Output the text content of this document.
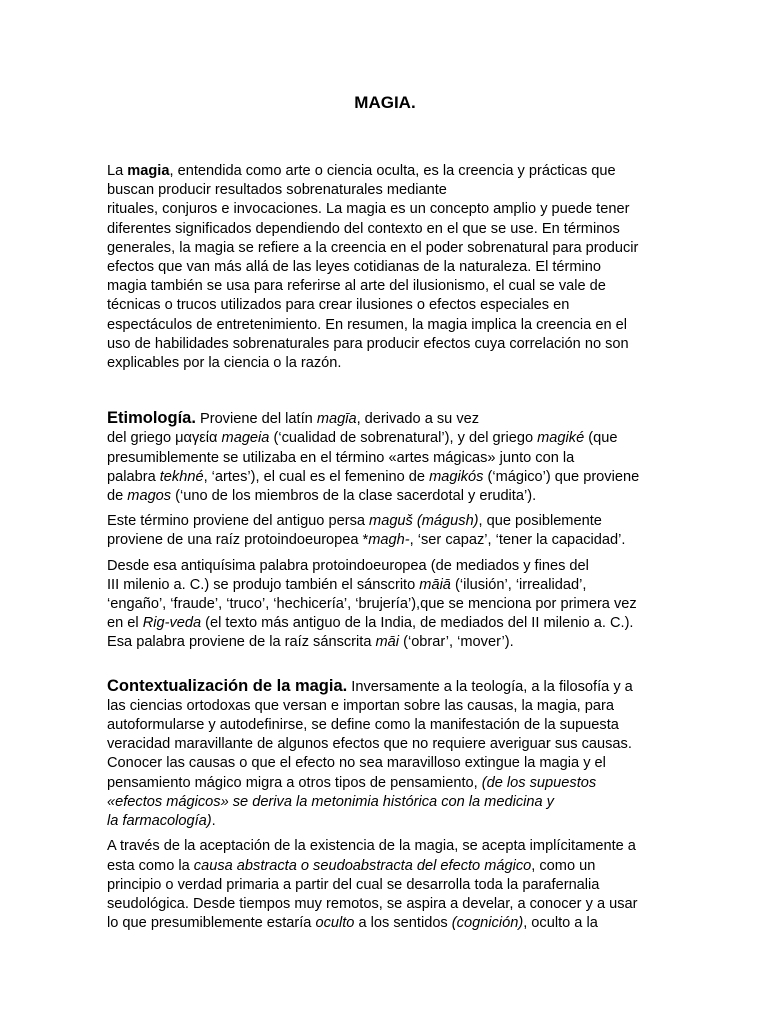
MAGIA.

La magia, entendida como arte o ciencia oculta, es la creencia y prácticas que
buscan producir resultados sobrenaturales mediante
rituales, conjuros e invocaciones. La magia es un concepto amplio y puede tener
diferentes significados dependiendo del contexto en el que se use. En términos
generales, la magia se refiere a la creencia en el poder sobrenatural para producir
efectos que van más allá de las leyes cotidianas de la naturaleza. El término
magia también se usa para referirse al arte del ilusionismo, el cual se vale de
técnicas o trucos utilizados para crear ilusiones o efectos especiales en
espectáculos de entretenimiento. En resumen, la magia implica la creencia en el
uso de habilidades sobrenaturales para producir efectos cuya correlación no son
explicables por la ciencia o la razón.

Etimología. Proviene del latín magīa, derivado a su vez
del griego μαγεία mageia (‘cualidad de sobrenatural’), y del griego magiké (que
presumiblemente se utilizaba en el término «artes mágicas» junto con la
palabra tekhné, ‘artes’), el cual es el femenino de magikós (‘mágico’) que proviene
de magos (‘uno de los miembros de la clase sacerdotal y erudita’).

Este término proviene del antiguo persa maguš (mágush), que posiblemente
proviene de una raíz protoindoeuropea *magh-, ‘ser capaz’, ‘tener la capacidad’.

Desde esa antiquísima palabra protoindoeuropea (de mediados y fines del
III milenio a. C.) se produjo también el sánscrito māiā (‘ilusión’, ‘irrealidad’,
‘engaño’, ‘fraude’, ‘truco’, ‘hechicería’, ‘brujería’),que se menciona por primera vez
en el Rig-veda (el texto más antiguo de la India, de mediados del II milenio a. C.).
Esa palabra proviene de la raíz sánscrita māi (‘obrar’, ‘mover’).

Contextualización de la magia. Inversamente a la teología, a la filosofía y a
las ciencias ortodoxas que versan e importan sobre las causas, la magia, para
autoformularse y autodefinirse, se define como la manifestación de la supuesta
veracidad maravillante de algunos efectos que no requiere averiguar sus causas.
Conocer las causas o que el efecto no sea maravilloso extingue la magia y el
pensamiento mágico migra a otros tipos de pensamiento, (de los supuestos
«efectos mágicos» se deriva la metonimia histórica con la medicina y
la farmacología).

A través de la aceptación de la existencia de la magia, se acepta implícitamente a
esta como la causa abstracta o seudoabstracta del efecto mágico, como un
principio o verdad primaria a partir del cual se desarrolla toda la parafernalia
seudológica. Desde tiempos muy remotos, se aspira a develar, a conocer y a usar
lo que presumiblemente estaría oculto a los sentidos (cognición), oculto a la
